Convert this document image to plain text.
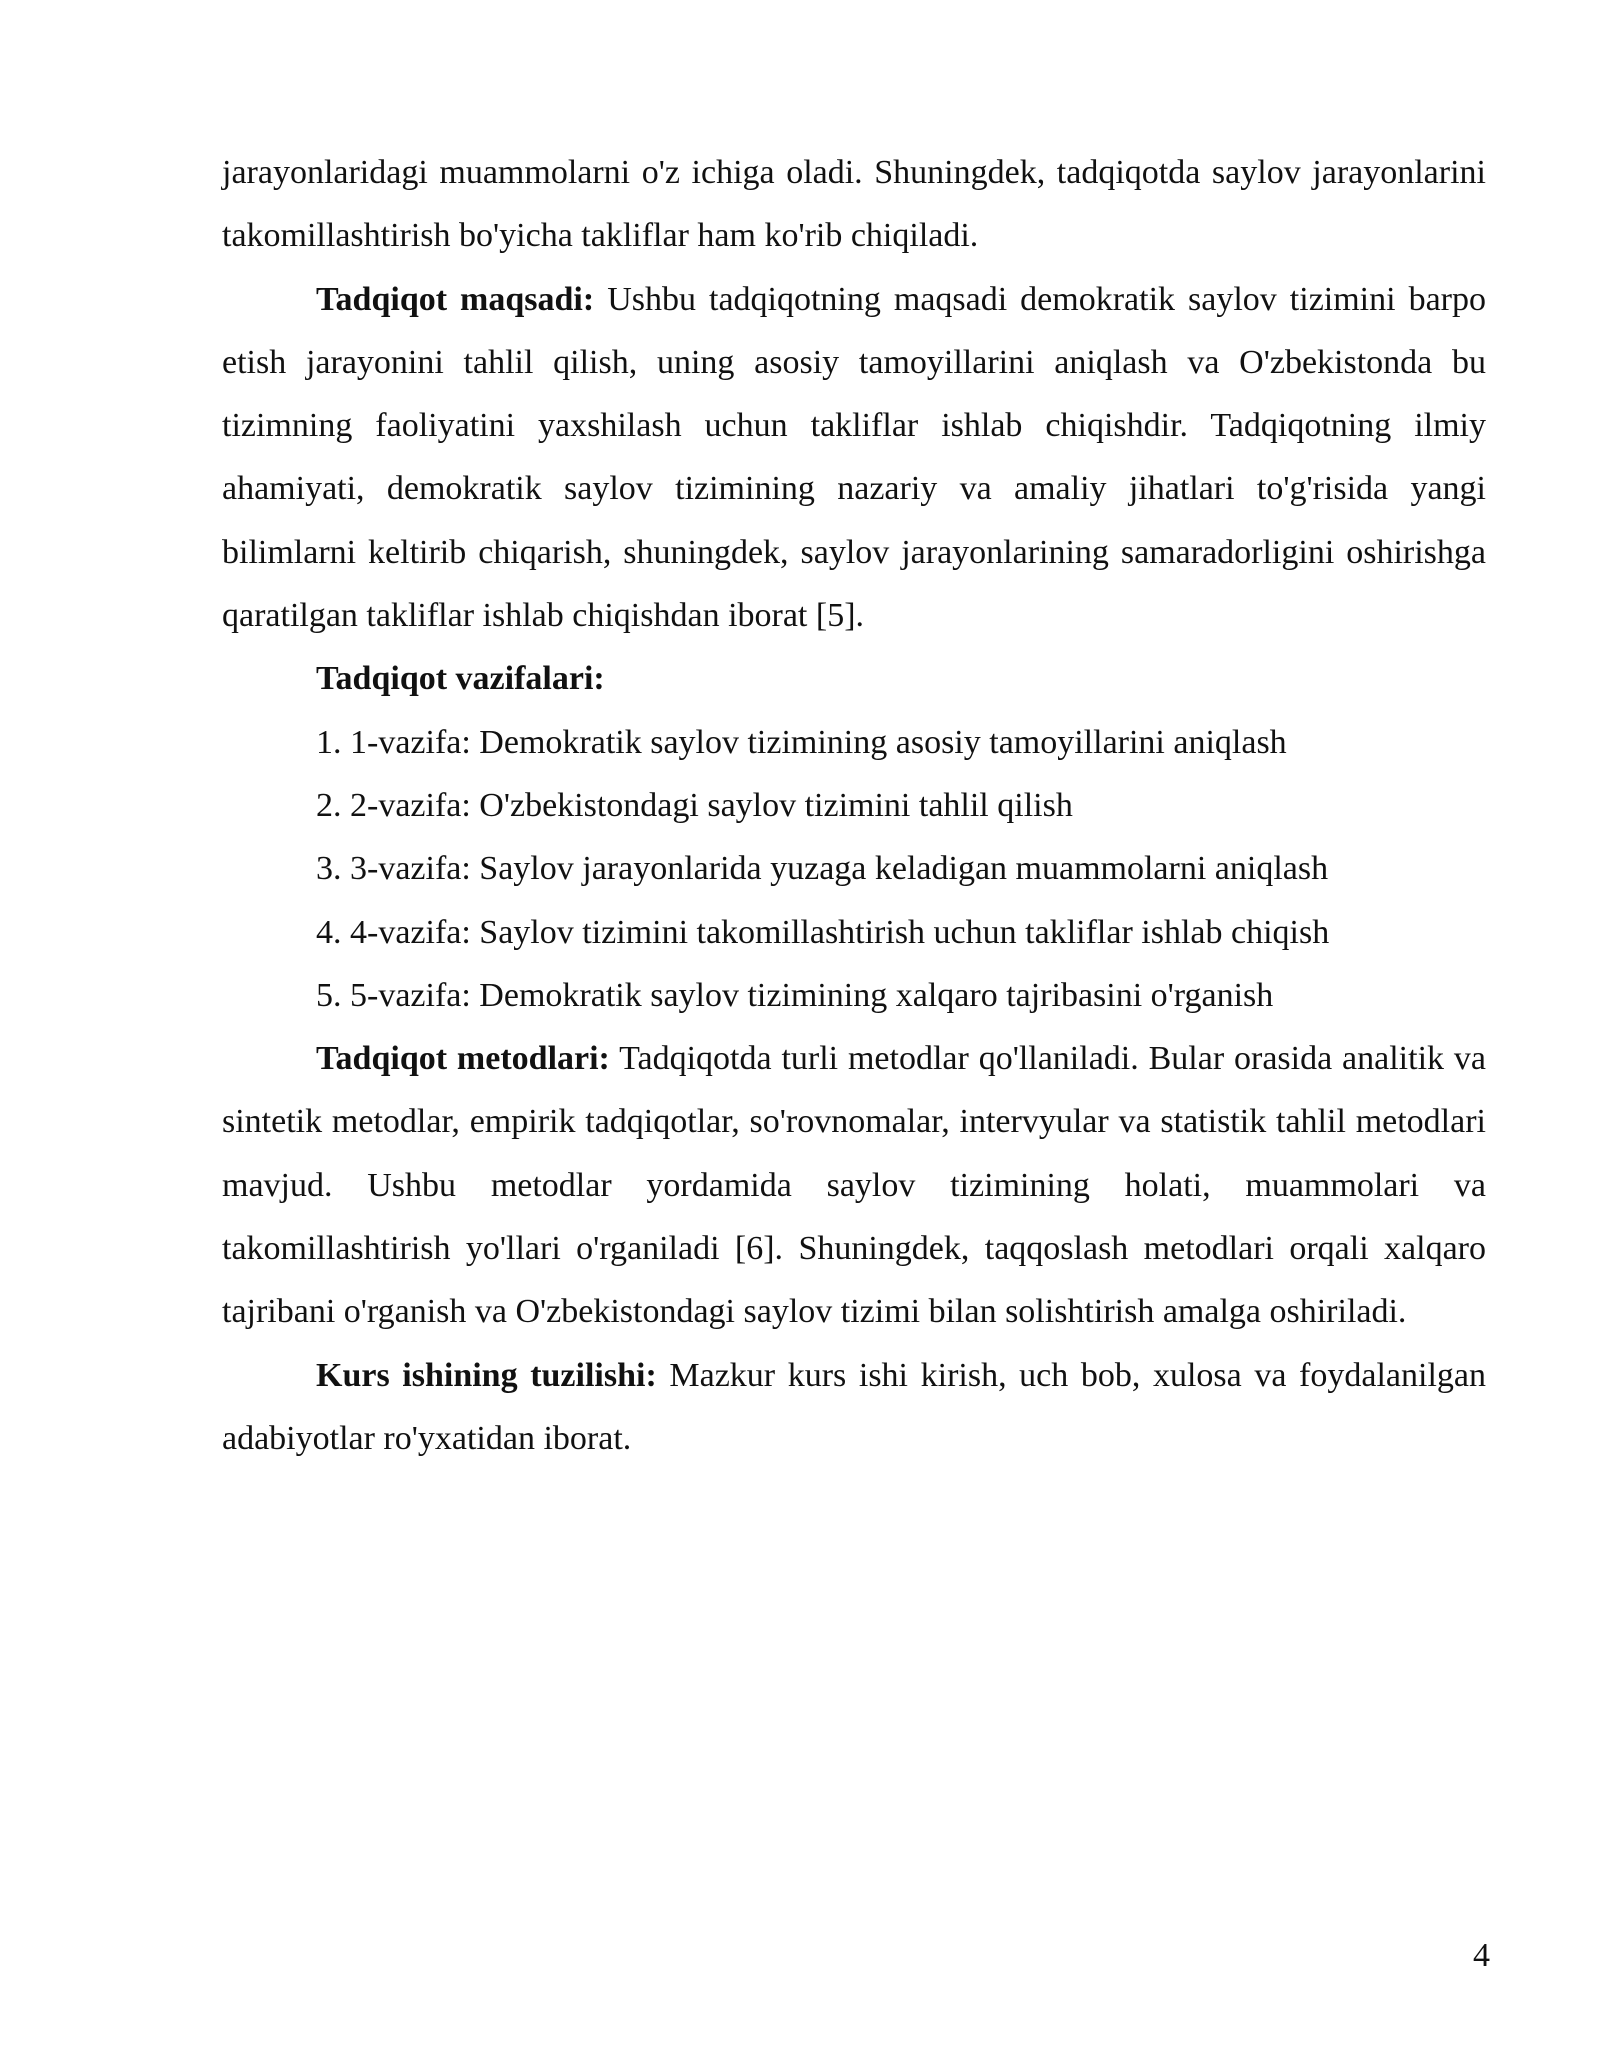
jarayonlaridagi muammolarni o'z ichiga oladi. Shuningdek, tadqiqotda saylov jarayonlarini takomillashtirish bo'yicha takliflar ham ko'rib chiqiladi.

Tadqiqot maqsadi: Ushbu tadqiqotning maqsadi demokratik saylov tizimini barpo etish jarayonini tahlil qilish, uning asosiy tamoyillarini aniqlash va O'zbekistonda bu tizimning faoliyatini yaxshilash uchun takliflar ishlab chiqishdir. Tadqiqotning ilmiy ahamiyati, demokratik saylov tizimining nazariy va amaliy jihatlari to'g'risida yangi bilimlarni keltirib chiqarish, shuningdek, saylov jarayonlarining samaradorligini oshirishga qaratilgan takliflar ishlab chiqishdan iborat [5].

Tadqiqot vazifalari:

1. 1-vazifa: Demokratik saylov tizimining asosiy tamoyillarini aniqlash

2. 2-vazifa: O'zbekistondagi saylov tizimini tahlil qilish

3. 3-vazifa: Saylov jarayonlarida yuzaga keladigan muammolarni aniqlash

4. 4-vazifa: Saylov tizimini takomillashtirish uchun takliflar ishlab chiqish

5. 5-vazifa: Demokratik saylov tizimining xalqaro tajribasini o'rganish

Tadqiqot metodlari: Tadqiqotda turli metodlar qo'llaniladi. Bular orasida analitik va sintetik metodlar, empirik tadqiqotlar, so'rovnomalar, intervyular va statistik tahlil metodlari mavjud. Ushbu metodlar yordamida saylov tizimining holati, muammolari va takomillashtirish yo'llari o'rganiladi [6]. Shuningdek, taqqoslash metodlari orqali xalqaro tajribani o'rganish va O'zbekistondagi saylov tizimi bilan solishtirish amalga oshiriladi.

Kurs ishining tuzilishi: Mazkur kurs ishi kirish, uch bob, xulosa va foydalanilgan adabiyotlar ro'yxatidan iborat.

4
